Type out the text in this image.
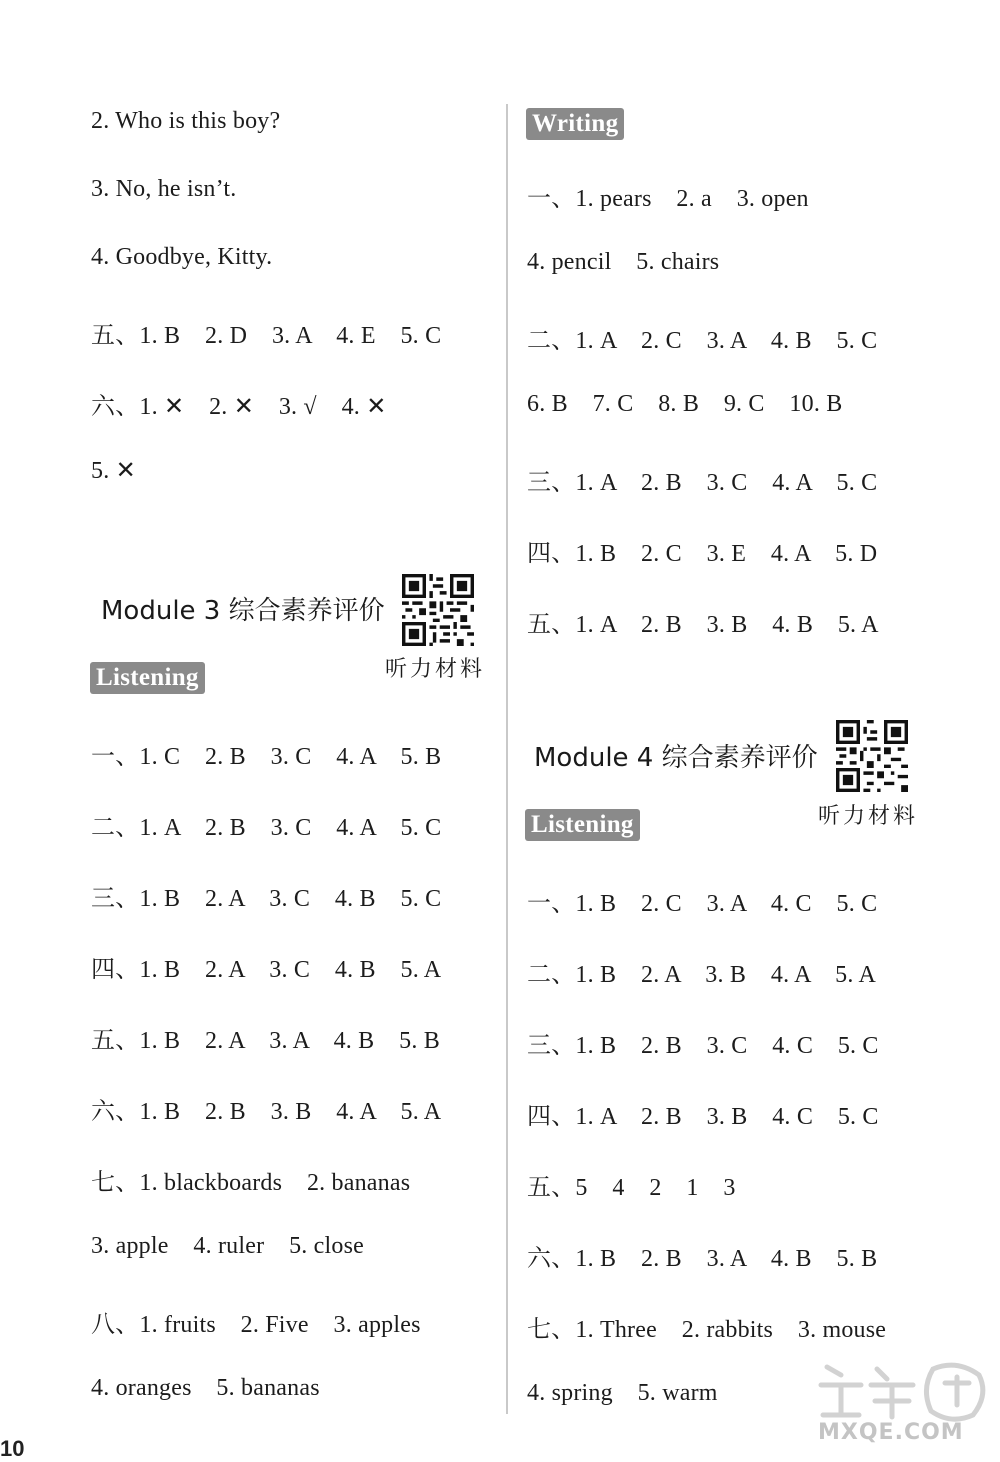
2. Who is this boy?
3. No, he isn’t.
4. Goodbye, Kitty.
五、1. B    2. D    3. A    4. E    5. C
六、1. ✕    2. ✕    3. √    4. ✕
5. ✕
Module 3 综合素养评价
听力材料
Listening
一、1. C    2. B    3. C    4. A    5. B
二、1. A    2. B    3. C    4. A    5. C
三、1. B    2. A    3. C    4. B    5. C
四、1. B    2. A    3. C    4. B    5. A
五、1. B    2. A    3. A    4. B    5. B
六、1. B    2. B    3. B    4. A    5. A
七、1. blackboards    2. bananas
3. apple    4. ruler    5. close
八、1. fruits    2. Five    3. apples
4. oranges    5. bananas
Writing
一、1. pears    2. a    3. open
4. pencil    5. chairs
二、1. A    2. C    3. A    4. B    5. C
6. B    7. C    8. B    9. C    10. B
三、1. A    2. B    3. C    4. A    5. C
四、1. B    2. C    3. E    4. A    5. D
五、1. A    2. B    3. B    4. B    5. A
Module 4 综合素养评价
听力材料
Listening
一、1. B    2. C    3. A    4. C    5. C
二、1. B    2. A    3. B    4. A    5. A
三、1. B    2. B    3. C    4. C    5. C
四、1. A    2. B    3. B    4. C    5. C
五、5    4    2    1    3
六、1. B    2. B    3. A    4. B    5. B
七、1. Three    2. rabbits    3. mouse
4. spring    5. warm
10
MXQE.COM
